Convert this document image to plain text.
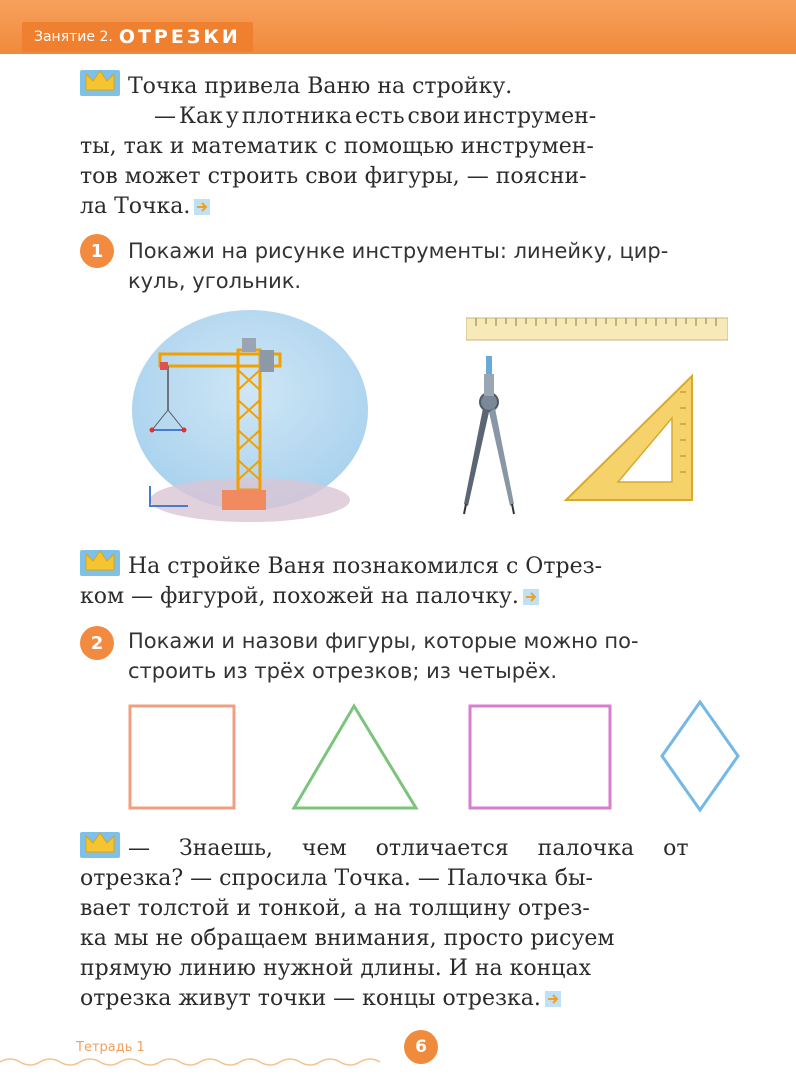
Занятие 2. ОТРЕЗКИ
Точка привела Ваню на стройку.
— Как у плотника есть свои инструмен-
ты, так и математик с помощью инструмен-
тов может строить свои фигуры, — поясни-
ла Точка.
1	Покажи на рисунке инструменты: линейку, цир-
куль, угольник.
На стройке Ваня познакомился с Отрез-
ком — фигурой, похожей на палочку.
2	Покажи и назови фигуры, которые можно по-
строить из трёх отрезков; из четырёх.
— Знаешь, чем отличается палочка от
отрезка? — спросила Точка. — Палочка бы-
вает толстой и тонкой, а на толщину отрез-
ка мы не обращаем внимания, просто рисуем
прямую линию нужной длины. И на концах
отрезка живут точки — концы отрезка.
Тетрадь 1	6
